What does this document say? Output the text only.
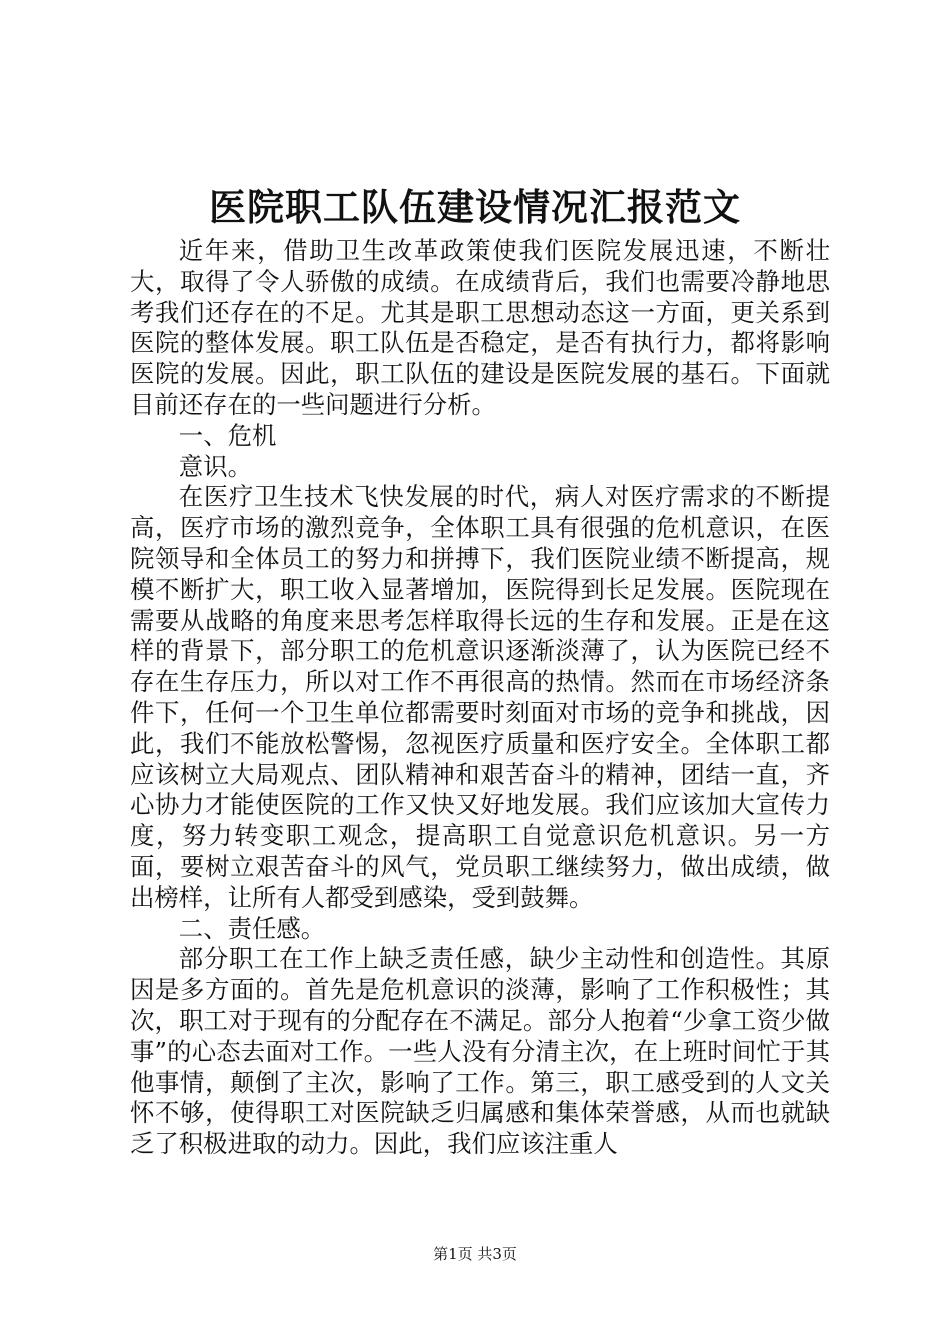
医院职工队伍建设情况汇报范文

近年来，借助卫生改革政策使我们医院发展迅速，不断壮大，取得了令人骄傲的成绩。在成绩背后，我们也需要冷静地思考我们还存在的不足。尤其是职工思想动态这一方面，更关系到医院的整体发展。职工队伍是否稳定，是否有执行力，都将影响医院的发展。因此，职工队伍的建设是医院发展的基石。下面就目前还存在的一些问题进行分析。

一、危机

意识。

在医疗卫生技术飞快发展的时代，病人对医疗需求的不断提高，医疗市场的激烈竞争，全体职工具有很强的危机意识，在医院领导和全体员工的努力和拼搏下，我们医院业绩不断提高，规模不断扩大，职工收入显著增加，医院得到长足发展。医院现在需要从战略的角度来思考怎样取得长远的生存和发展。正是在这样的背景下，部分职工的危机意识逐渐淡薄了，认为医院已经不存在生存压力，所以对工作不再很高的热情。然而在市场经济条件下，任何一个卫生单位都需要时刻面对市场的竞争和挑战，因此，我们不能放松警惕，忽视医疗质量和医疗安全。全体职工都应该树立大局观点、团队精神和艰苦奋斗的精神，团结一直，齐心协力才能使医院的工作又快又好地发展。我们应该加大宣传力度，努力转变职工观念，提高职工自觉意识危机意识。另一方面，要树立艰苦奋斗的风气，党员职工继续努力，做出成绩，做出榜样，让所有人都受到感染，受到鼓舞。

二、责任感。

部分职工在工作上缺乏责任感，缺少主动性和创造性。其原因是多方面的。首先是危机意识的淡薄，影响了工作积极性；其次，职工对于现有的分配存在不满足。部分人抱着“少拿工资少做事”的心态去面对工作。一些人没有分清主次，在上班时间忙于其他事情，颠倒了主次，影响了工作。第三，职工感受到的人文关怀不够，使得职工对医院缺乏归属感和集体荣誉感，从而也就缺乏了积极进取的动力。因此，我们应该注重人

第1页 共3页
